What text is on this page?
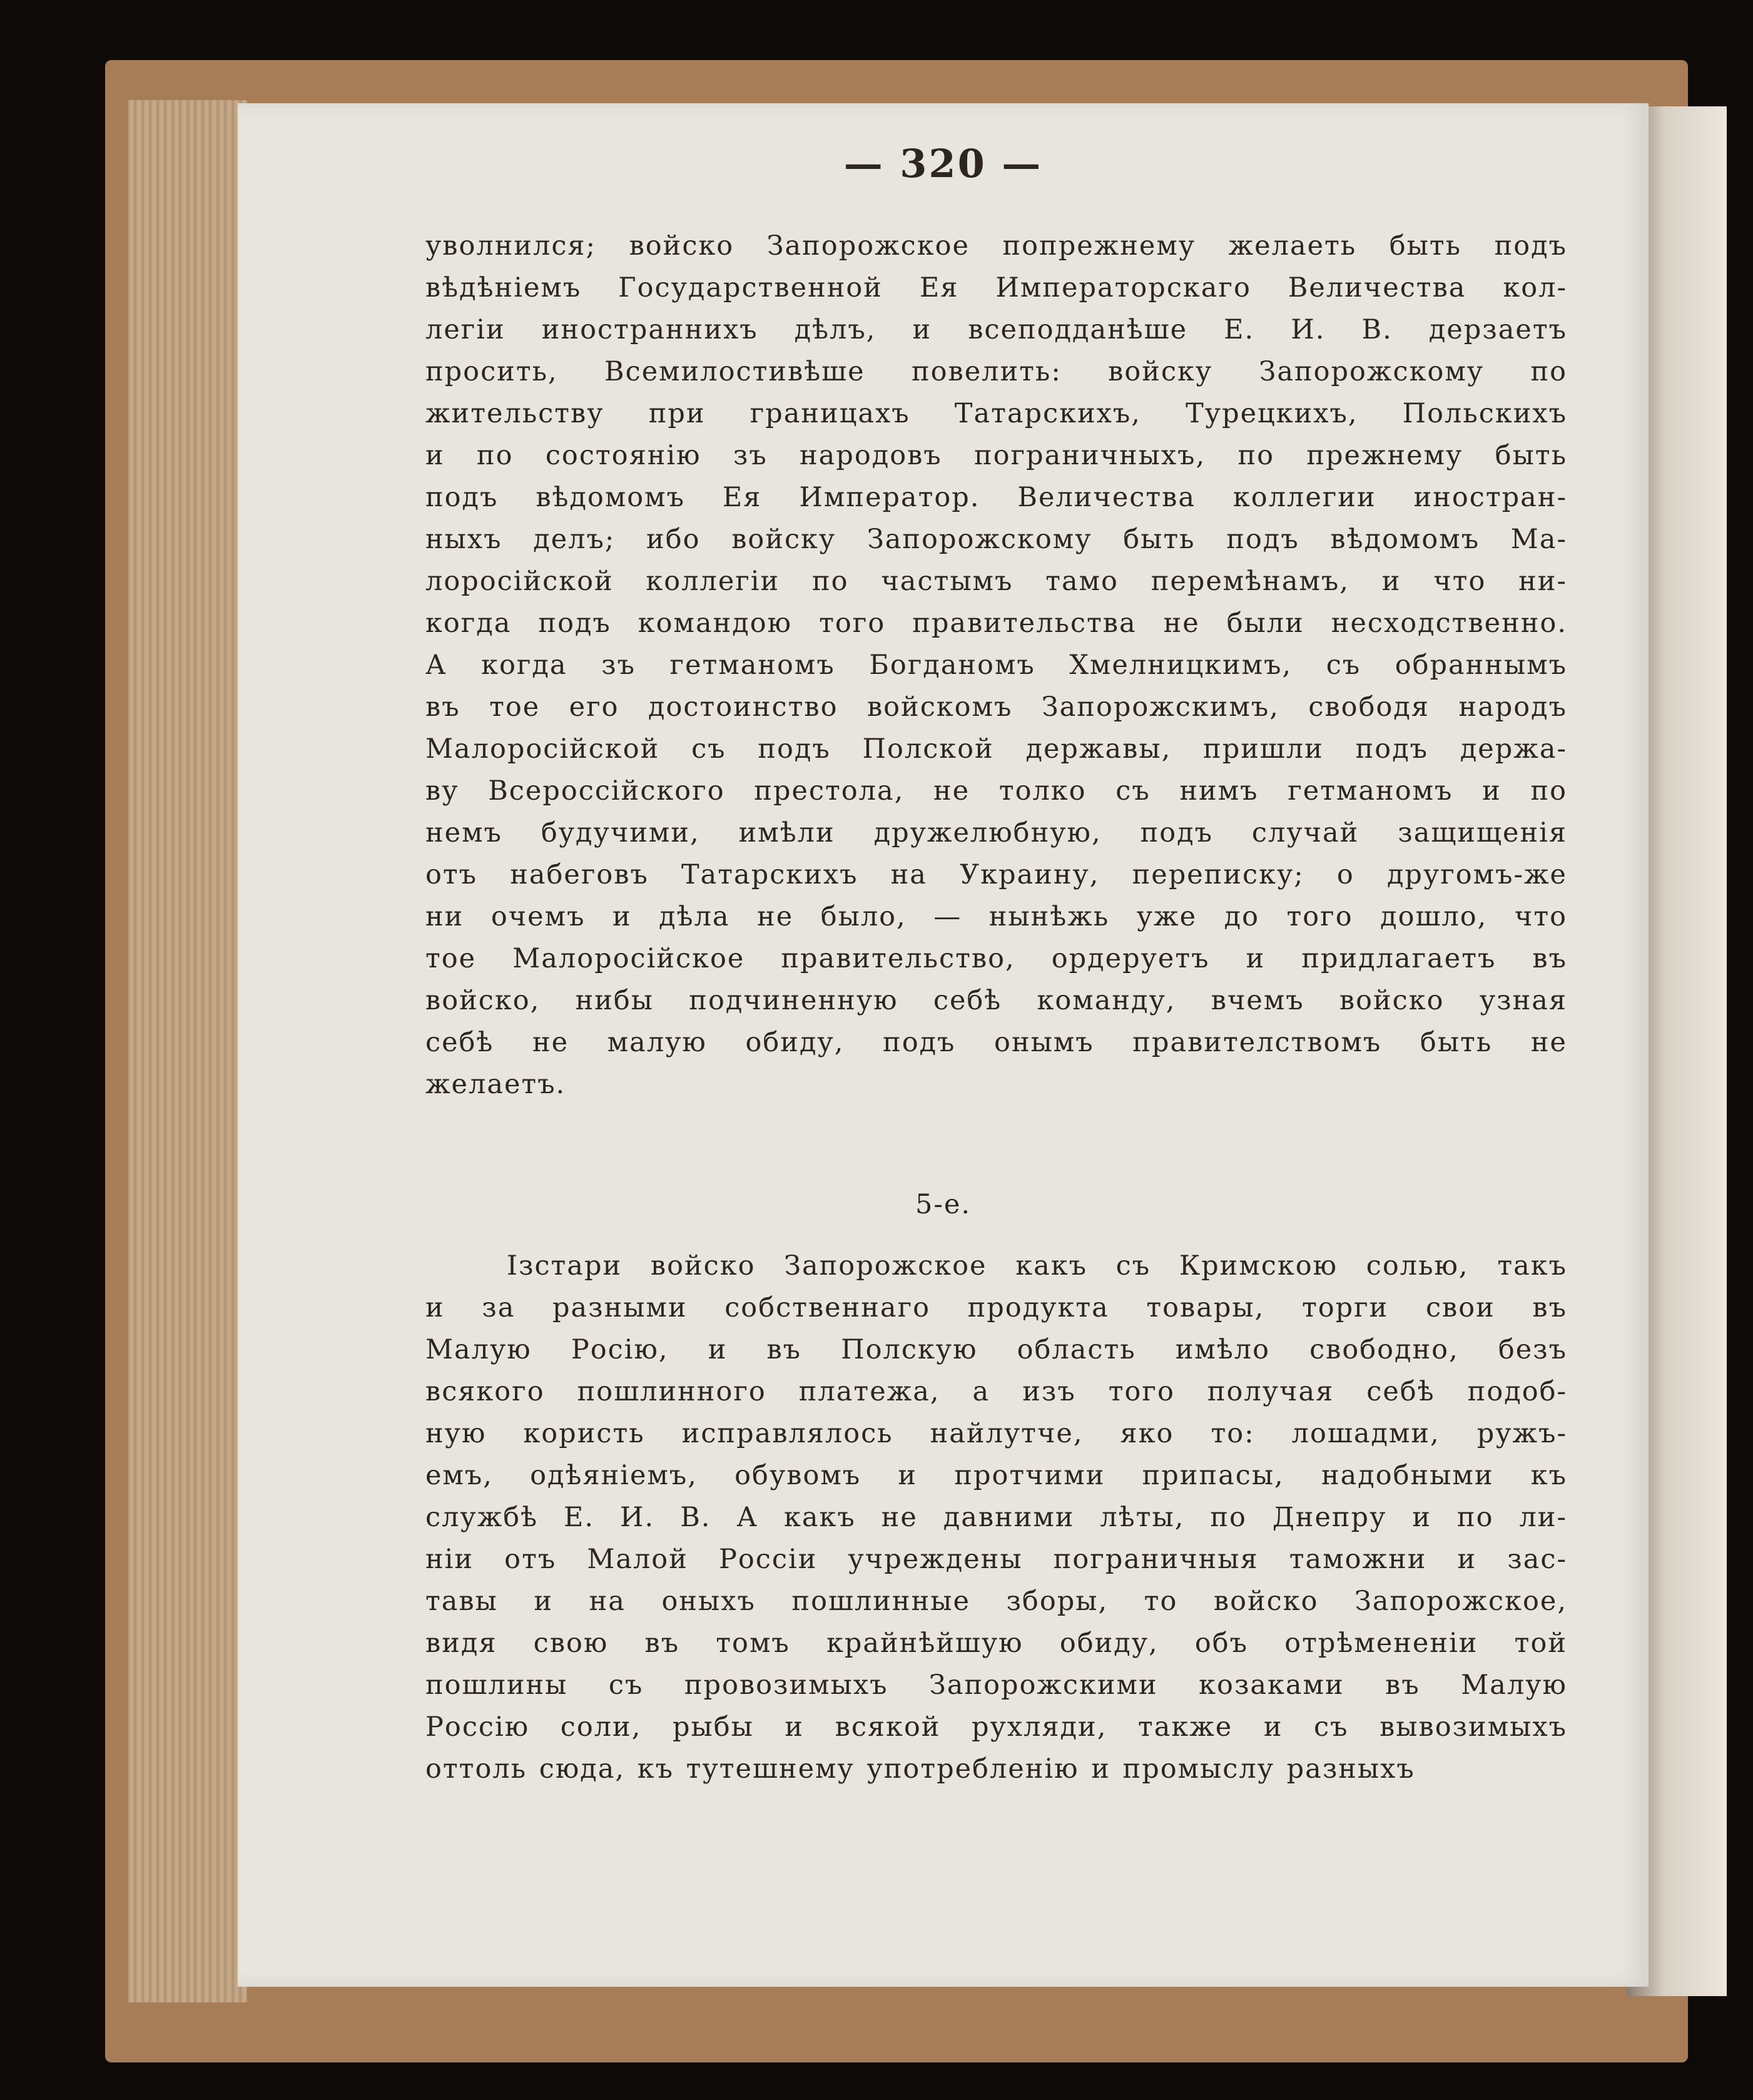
— 320 —
уволнился; войско Запорожское попрежнему желаеть быть подъ
вѣдѣніемъ Государственной Ея Императорскаго Величества кол-
легіи иностраннихъ дѣлъ, и всеподданѣше Е. И. В. дерзаетъ
просить, Всемилостивѣше повелить: войску Запорожскому по
жительству при границахъ Татарскихъ, Турецкихъ, Польскихъ
и по состоянію зъ народовъ пограничныхъ, по прежнему быть
подъ вѣдомомъ Ея Император. Величества коллегии иностран-
ныхъ делъ; ибо войску Запорожскому быть подъ вѣдомомъ Ма-
лоросійской коллегіи по частымъ тамо перемѣнамъ, и что ни-
когда подъ командою того правительства не были несходственно.
А когда зъ гетманомъ Богданомъ Хмелницкимъ, съ обраннымъ
въ тое его достоинство войскомъ Запорожскимъ, свободя народъ
Малоросійской съ подъ Полской державы, пришли подъ держа-
ву Всероссійского престола, не толко съ нимъ гетманомъ и по
немъ будучими, имѣли дружелюбную, подъ случай защищенія
отъ набеговъ Татарскихъ на Украину, переписку; о другомъ-же
ни очемъ и дѣла не было, — нынѣжь уже до того дошло, что
тое Малоросійское правительство, ордеруетъ и придлагаетъ въ
войско, нибы подчиненную себѣ команду, вчемъ войско узная
себѣ не малую обиду, подъ онымъ правителствомъ быть не
желаетъ.
5-е.
Ізстари войско Запорожское какъ съ Кримскою солью, такъ
и за разными собственнаго продукта товары, торги свои въ
Малую Росію, и въ Полскую область имѣло свободно, безъ
всякого пошлинного платежа, а изъ того получая себѣ подоб-
ную користь исправлялось найлутче, яко то: лошадми, ружъ-
емъ, одѣяніемъ, обувомъ и протчими припасы, надобными къ
службѣ Е. И. В. А какъ не давними лѣты, по Днепру и по ли-
ніи отъ Малой Россіи учреждены пограничныя таможни и зас-
тавы и на оныхъ пошлинные зборы, то войско Запорожское,
видя свою въ томъ крайнѣйшую обиду, объ отрѣмененіи той
пошлины съ провозимыхъ Запорожскими козаками въ Малую
Россію соли, рыбы и всякой рухляди, также и съ вывозимыхъ
оттоль сюда, къ тутешнему употребленію и промыслу разныхъ
